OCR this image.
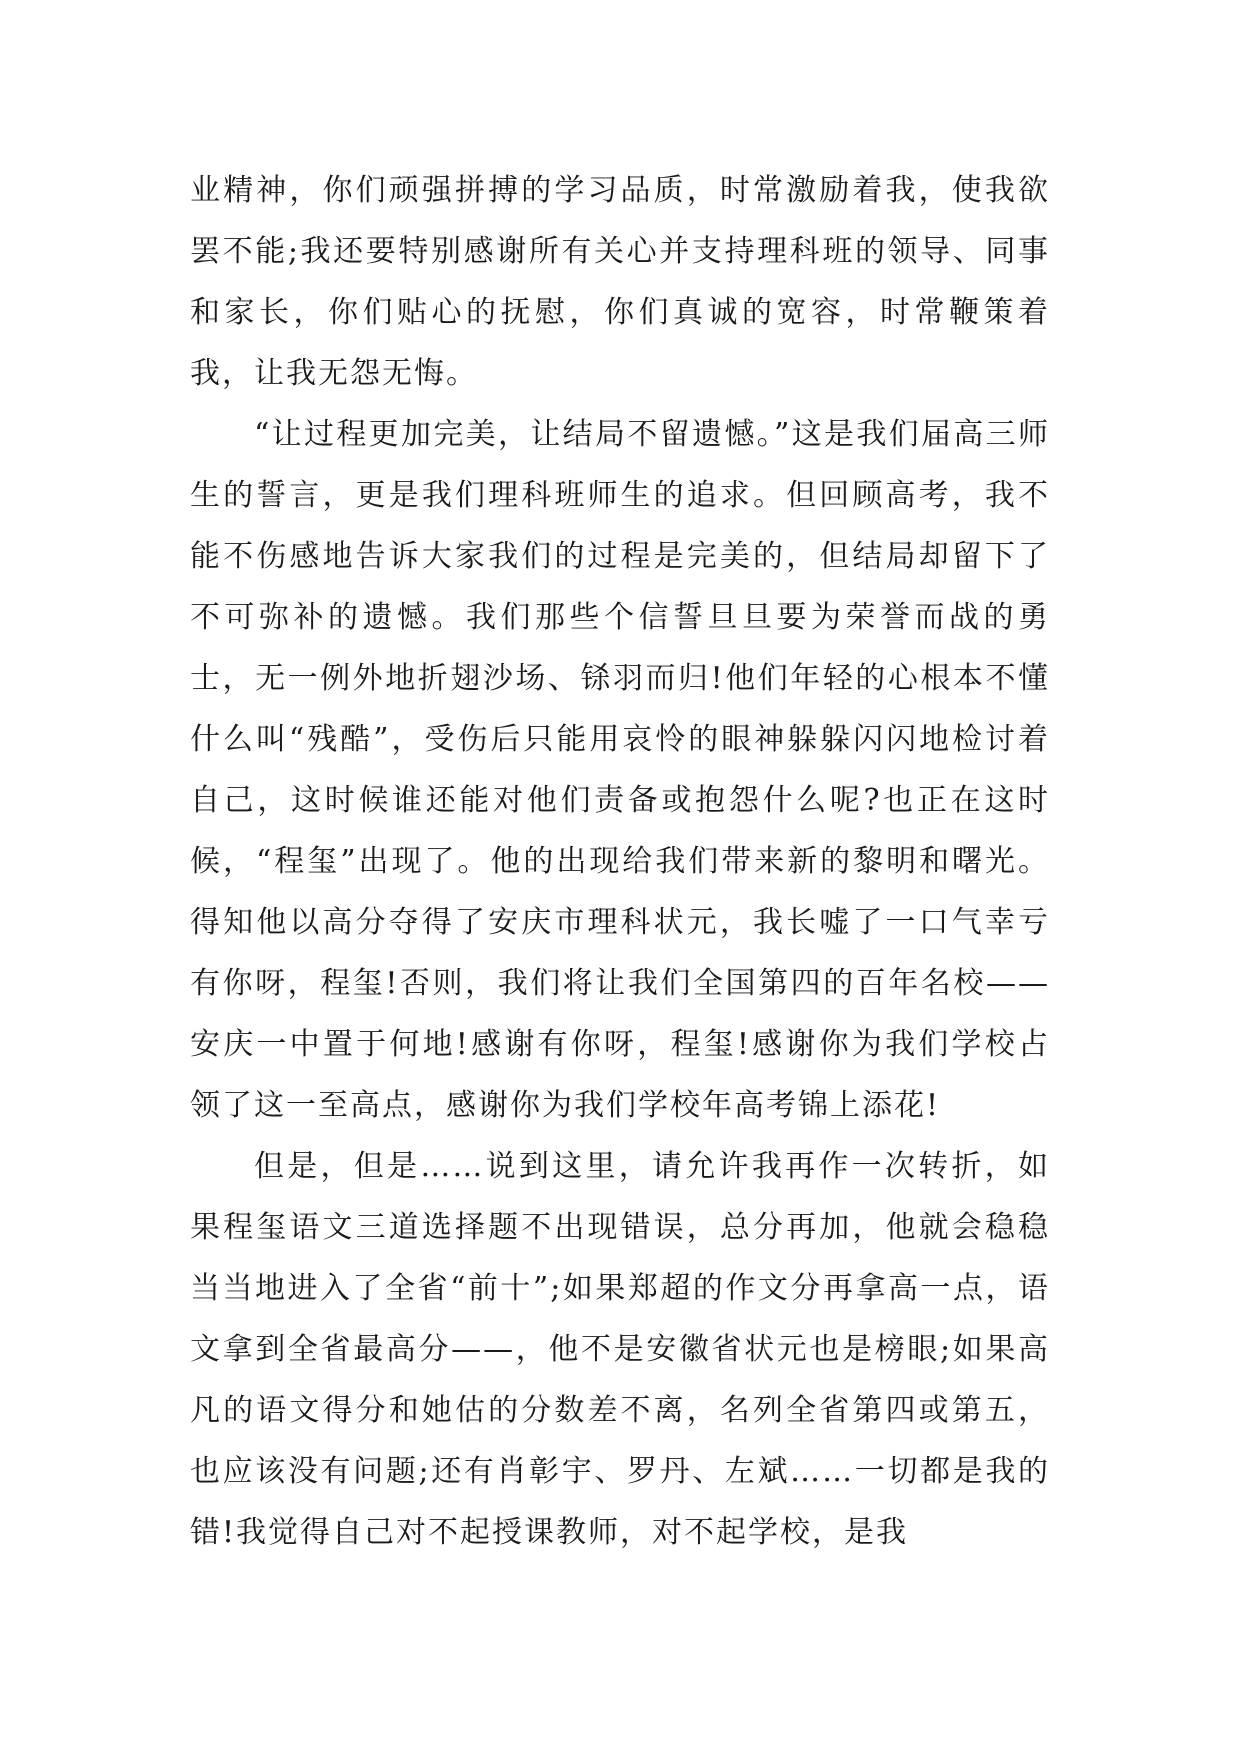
业精神，你们顽强拼搏的学习品质，时常激励着我，使我欲罢不能;我还要特别感谢所有关心并支持理科班的领导、同事和家长，你们贴心的抚慰，你们真诚的宽容，时常鞭策着我，让我无怨无悔。

“让过程更加完美，让结局不留遗憾。”这是我们届高三师生的誓言，更是我们理科班师生的追求。但回顾高考，我不能不伤感地告诉大家我们的过程是完美的，但结局却留下了不可弥补的遗憾。我们那些个信誓旦旦要为荣誉而战的勇士，无一例外地折翅沙场、铩羽而归!他们年轻的心根本不懂什么叫“残酷”，受伤后只能用哀怜的眼神躲躲闪闪地检讨着自己，这时候谁还能对他们责备或抱怨什么呢?也正在这时候，“程玺”出现了。他的出现给我们带来新的黎明和曙光。得知他以高分夺得了安庆市理科状元，我长嘘了一口气幸亏有你呀，程玺!否则，我们将让我们全国第四的百年名校——安庆一中置于何地!感谢有你呀，程玺!感谢你为我们学校占领了这一至高点，感谢你为我们学校年高考锦上添花!

但是，但是……说到这里，请允许我再作一次转折，如果程玺语文三道选择题不出现错误，总分再加，他就会稳稳当当地进入了全省“前十”;如果郑超的作文分再拿高一点，语文拿到全省最高分——，他不是安徽省状元也是榜眼;如果高凡的语文得分和她估的分数差不离，名列全省第四或第五，也应该没有问题;还有肖彰宇、罗丹、左斌……一切都是我的错!我觉得自己对不起授课教师，对不起学校，是我
